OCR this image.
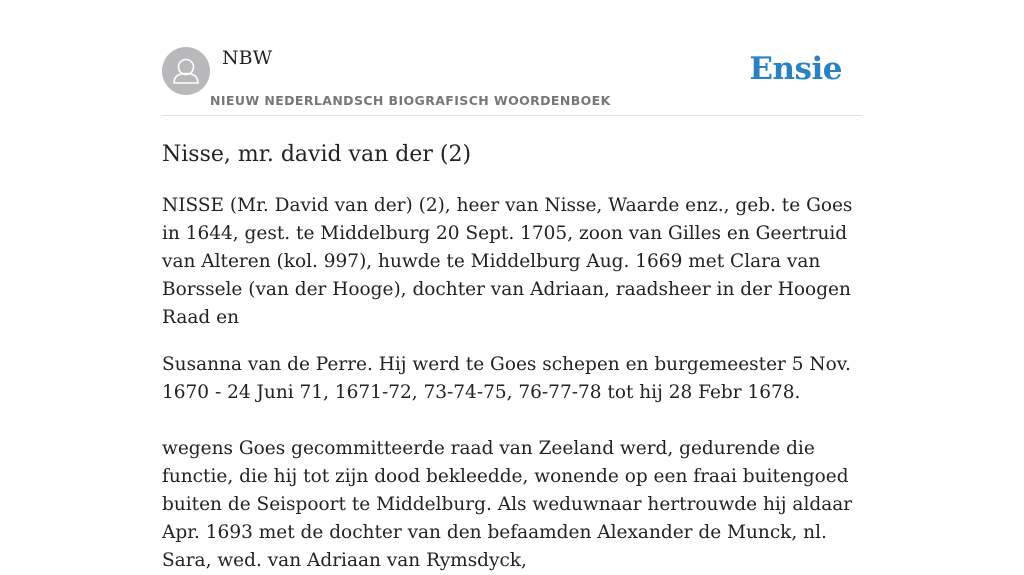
NBW
NIEUW NEDERLANDSCH BIOGRAFISCH WOORDENBOEK
Ensie
Nisse, mr. david van der (2)

NISSE (Mr. David van der) (2), heer van Nisse, Waarde enz., geb. te Goes in 1644, gest. te Middelburg 20 Sept. 1705, zoon van Gilles en Geertruid van Alteren (kol. 997), huwde te Middelburg Aug. 1669 met Clara van Borssele (van der Hooge), dochter van Adriaan, raadsheer in der Hoogen Raad en

Susanna van de Perre. Hij werd te Goes schepen en burgemeester 5 Nov. 1670 - 24 Juni 71, 1671-72, 73-74-75, 76-77-78 tot hij 28 Febr 1678.

wegens Goes gecommitteerde raad van Zeeland werd, gedurende die functie, die hij tot zijn dood bekleedde, wonende op een fraai buitengoed buiten de Seispoort te Middelburg. Als weduwnaar hertrouwde hij aldaar Apr. 1693 met de dochter van den befaamden Alexander de Munck, nl. Sara, wed. van Adriaan van Rymsdyck,
